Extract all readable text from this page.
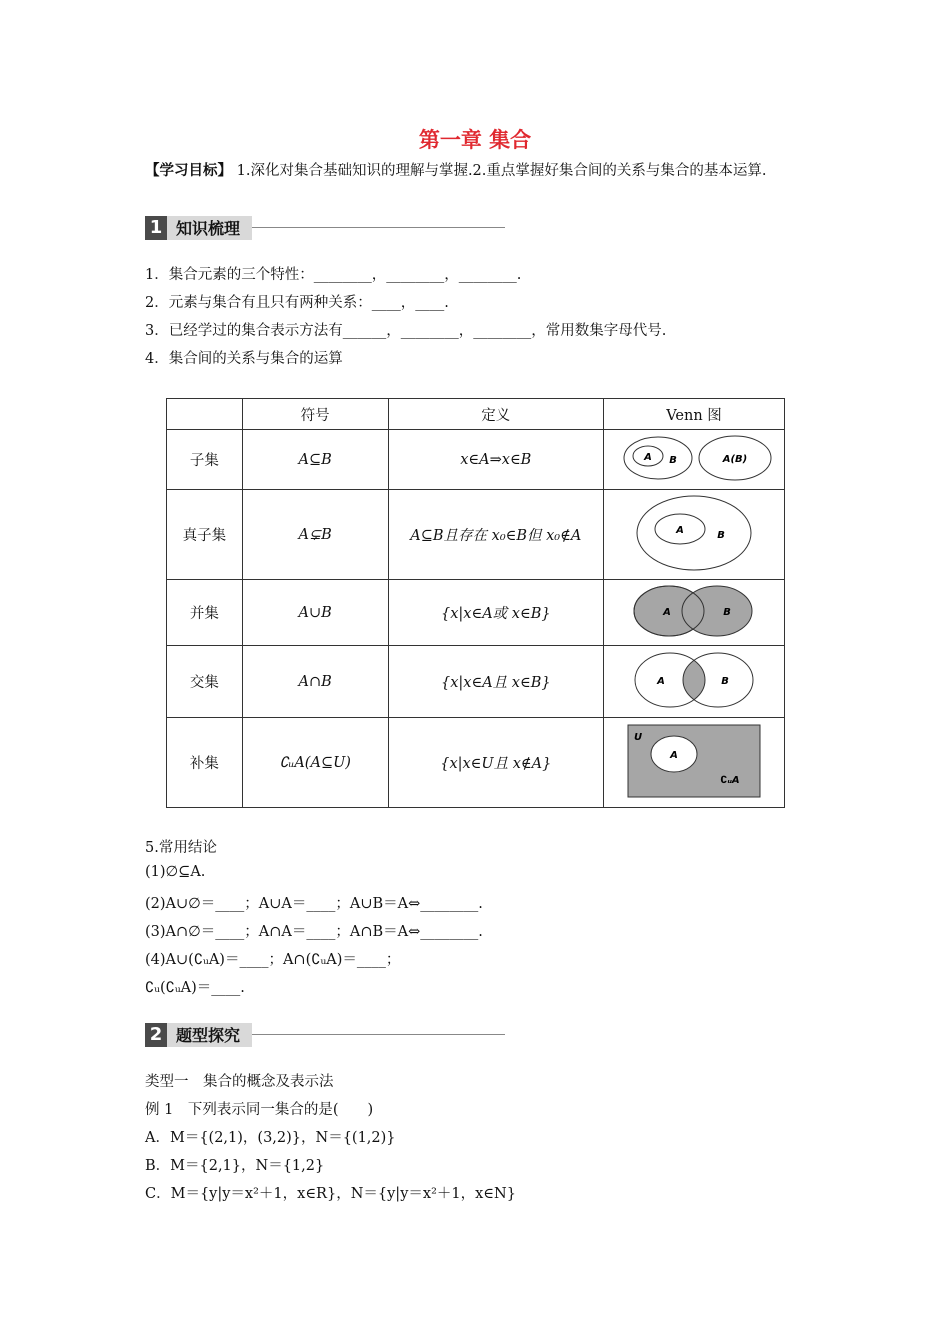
第一章 集合
【学习目标】 1.深化对集合基础知识的理解与掌握.2.重点掌握好集合间的关系与集合的基本运算.
1 知识梳理
1．集合元素的三个特性：________，________，________.
2．元素与集合有且只有两种关系：____，____.
3．已经学过的集合表示方法有______，________，________，常用数集字母代号.
4．集合间的关系与集合的运算
	符号	定义	Venn 图
子集	A⊆B	x∈A⇒x∈B	A B A(B)

真子集	A⊊B	A⊆B且存在 x₀∈B但 x₀∉A	A B

并集	A∪B	{x|x∈A或 x∈B}	A B

交集	A∩B	{x|x∈A且 x∈B}	A B

补集	∁ᵤA(A⊆U)	{x|x∈U且 x∉A}	U
A
∁ᵤA
5.常用结论
(1)∅⊆A.
(2)A∪∅＝____；A∪A＝____；A∪B＝A⇔________.
(3)A∩∅＝____；A∩A＝____；A∩B＝A⇔________.
(4)A∪(∁ᵤA)＝____；A∩(∁ᵤA)＝____；
∁ᵤ(∁ᵤA)＝____.
2 题型探究
类型一　集合的概念及表示法
例 1　下列表示同一集合的是(　　)
A．M＝{(2,1)，(3,2)}，N＝{(1,2)}
B．M＝{2,1}，N＝{1,2}
C．M＝{y|y＝x²＋1，x∈R}，N＝{y|y＝x²＋1，x∈N}
